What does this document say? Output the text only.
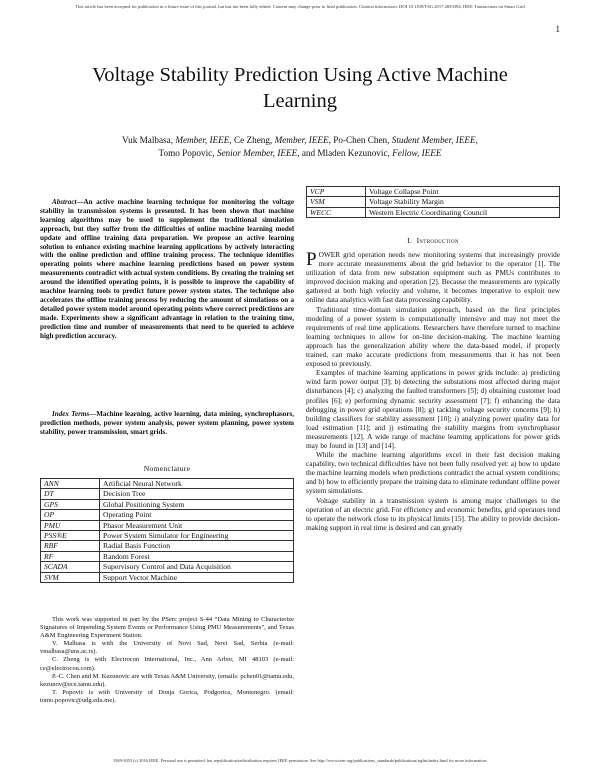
This article has been accepted for publication in a future issue of this journal, but has not been fully edited. Content may change prior to final publication. Citation information: DOI 10.1109/TSG.2017.2693394, IEEE Transactions on Smart Grid
1
Voltage Stability Prediction Using Active Machine Learning
Vuk Malbasa, Member, IEEE, Ce Zheng, Member, IEEE, Po-Chen Chen, Student Member, IEEE,
Tomo Popovic, Senior Member, IEEE, and Mladen Kezunovic, Fellow, IEEE
Abstract—An active machine learning technique for monitoring the voltage stability in transmission systems is presented. It has been shown that machine learning algorithms may be used to supplement the traditional simulation approach, but they suffer from the difficulties of online machine learning model update and offline training data preparation. We propose an active learning solution to enhance existing machine learning applications by actively interacting with the online prediction and offline training process. The technique identifies operating points where machine learning predictions based on power system measurements contradict with actual system conditions. By creating the training set around the identified operating points, it is possible to improve the capability of machine learning tools to predict future power system states. The technique also accelerates the offline training process by reducing the amount of simulations on a detailed power system model around operating points where correct predictions are made. Experiments show a significant advantage in relation to the training time, prediction time and number of measurements that need to be queried to achieve high prediction accuracy.
Index Terms—Machine learning, active learning, data mining, synchrophasors, prediction methods, power system analysis, power system planning, power system stability, power transmission, smart grids.
Nomenclature
ANN	Artificial Neural Network
DT	Decision Tree
GPS	Global Positioning System
OP	Operating Point
PMU	Phasor Measurement Unit
PSS®E	Power System Simulator for Engineering
RBF	Radial Basis Function
RF	Random Forest
SCADA	Supervisory Control and Data Acquisition
SVM	Support Vector Machine

This work was supported in part by the PSerc project S-44 “Data Mining to Characterize Signatures of Impending System Events or Performance Using PMU Measurements”, and Texas A&M Engineering Experiment Station.

V. Malbasa is with the University of Novi Sad, Novi Sad, Serbia (e-mail: vmalbasa@uns.ac.rs).

C. Zheng is with Electrocon International, Inc., Ann Arbor, MI 48103 (e-mail: ce@electrocon.com).

P.-C. Chen and M. Kezunovic are with Texas A&M University, (emails: pchen01@tamu.edu, kezunov@ece.tamu.edu).

T. Popovic is with University of Donja Gorica, Podgorica, Montenegro. (email: tomo.popovic@udg.edu.me).

VCP	Voltage Collapse Point
VSM	Voltage Stability Margin
WECC	Western Electric Coordinating Council
I. Introduction

POWER grid operation needs new monitoring systems that increasingly provide more accurate measurements about the grid behavior to the operator [1]. The utilization of data from new substation equipment such as PMUs contributes to improved decision making and operation [2]. Because the measurements are typically gathered at both high velocity and volume, it becomes imperative to exploit new online data analytics with fast data processing capability.

Traditional time-domain simulation approach, based on the first principles modeling of a power system is computationally intensive and may not meet the requirements of real time applications. Researchers have therefore turned to machine learning techniques to allow for on-line decision-making. The machine learning approach has the generalization ability where the data-based model, if properly trained, can make accurate predictions from measurements that it has not been exposed to previously.

Examples of machine learning applications in power grids include: a) predicting wind farm power output [3]; b) detecting the substations most affected during major disturbances [4]; c) analyzing the faulted transformers [5]; d) obtaining customer load profiles [6]; e) performing dynamic security assessment [7]; f) enhancing the data debugging in power grid operations [8]; g) tackling voltage security concerns [9]; h) building classifiers for stability assessment [10]; i) analyzing power quality data for load estimation [11]; and j) estimating the stability margins from synchrophasor measurements [12]. A wide range of machine learning applications for power grids may be found in [13] and [14].

While the machine learning algorithms excel in their fast decision making capability, two technical difficulties have not been fully resolved yet: a) how to update the machine learning models when predictions contradict the actual system conditions; and b) how to efficiently prepare the training data to eliminate redundant offline power system simulations.

Voltage stability in a transmission system is among major challenges to the operation of an electric grid. For efficiency and economic benefits, grid operators tend to operate the network close to its physical limits [15]. The ability to provide decision-making support in real time is desired and can greatly

1949-3053 (c) 2016 IEEE. Personal use is permitted, but republication/redistribution requires IEEE permission. See http://www.ieee.org/publications_standards/publications/rights/index.html for more information.
